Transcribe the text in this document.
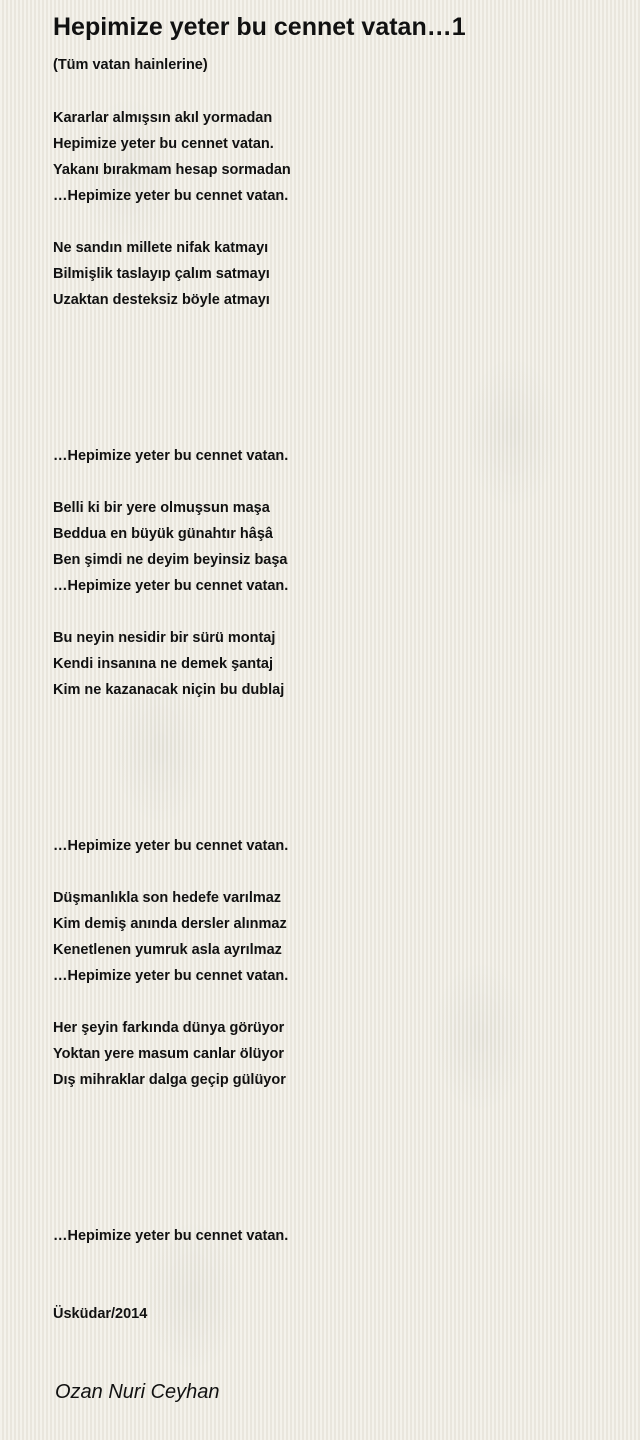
Hepimize yeter bu cennet vatan…1

(Tüm vatan hainlerine)

Kararlar almışsın akıl yormadan
Hepimize yeter bu cennet vatan.
Yakanı bırakmam hesap sormadan
…Hepimize yeter bu cennet vatan.
Ne sandın millete nifak katmayı
Bilmişlik taslayıp çalım satmayı
Uzaktan desteksiz böyle atmayı
…Hepimize yeter bu cennet vatan.
Belli ki bir yere olmuşsun maşa
Beddua en büyük günahtır hâşâ
Ben şimdi ne deyim beyinsiz başa
…Hepimize yeter bu cennet vatan.
Bu neyin nesidir bir sürü montaj
Kendi insanına ne demek şantaj
Kim ne kazanacak niçin bu dublaj
…Hepimize yeter bu cennet vatan.
Düşmanlıkla son hedefe varılmaz
Kim demiş anında dersler alınmaz
Kenetlenen yumruk asla ayrılmaz
…Hepimize yeter bu cennet vatan.
Her şeyin farkında dünya görüyor
Yoktan yere masum canlar ölüyor
Dış mihraklar dalga geçip gülüyor
…Hepimize yeter bu cennet vatan.
Üsküdar/2014

Ozan Nuri Ceyhan
